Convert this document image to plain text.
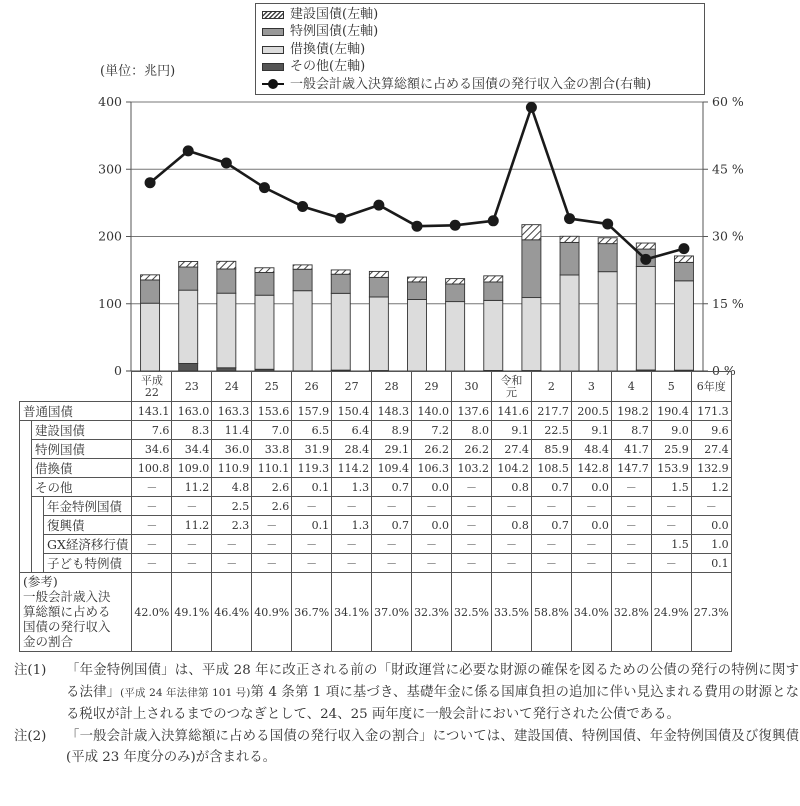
0	0 %
100	15 %
200	30 %
300	45 %
400	60 %
(単位：兆円)
建設国債(左軸)
特例国債(左軸)
借換債(左軸)
その他(左軸)
一般会計歳入決算総額に占める国債の発行収入金の割合(右軸)
			平成
22	23	24	25	26	27	28	29	30	令和
元	2	3	4	5	6年度
普通国債			143.1	163.0	163.3	153.6	157.9	150.4	148.3	140.0	137.6	141.6	217.7	200.5	198.2	190.4	171.3
	建設国債		7.6	8.3	11.4	7.0	6.5	6.4	8.9	7.2	8.0	9.1	22.5	9.1	8.7	9.0	9.6
	特例国債		34.6	34.4	36.0	33.8	31.9	28.4	29.1	26.2	26.2	27.4	85.9	48.4	41.7	25.9	27.4
	借換債		100.8	109.0	110.9	110.1	119.3	114.2	109.4	106.3	103.2	104.2	108.5	142.8	147.7	153.9	132.9
	その他		－	11.2	4.8	2.6	0.1	1.3	0.7	0.0	－	0.8	0.7	0.0	－	1.5	1.2
		年金特例国債	－	－	2.5	2.6	－	－	－	－	－	－	－	－	－	－	－
		復興債	－	11.2	2.3	－	0.1	1.3	0.7	0.0	－	0.8	0.7	0.0	－	－	0.0
		GX経済移行債	－	－	－	－	－	－	－	－	－	－	－	－	－	1.5	1.0
		子ども特例債	－	－	－	－	－	－	－	－	－	－	－	－	－	－	0.1
(参考)
一般会計歳入決
算総額に占める
国債の発行収入
金の割合			42.0%	49.1%	46.4%	40.9%	36.7%	34.1%	37.0%	32.3%	32.5%	33.5%	58.8%	34.0%	32.8%	24.9%	27.3%
注(1)	「年金特例国債」は、平成 28 年に改正される前の「財政運営に必要な財源の確保を図るための公債の発行の特例に関する法律」(平成 24 年法律第 101 号)第 4 条第 1 項に基づき、基礎年金に係る国庫負担の追加に伴い見込まれる費用の財源となる税収が計上されるまでのつなぎとして、24、25 両年度に一般会計において発行された公債である。
注(2)	「一般会計歳入決算総額に占める国債の発行収入金の割合」については、建設国債、特例国債、年金特例国債及び復興債(平成 23 年度分のみ)が含まれる。
